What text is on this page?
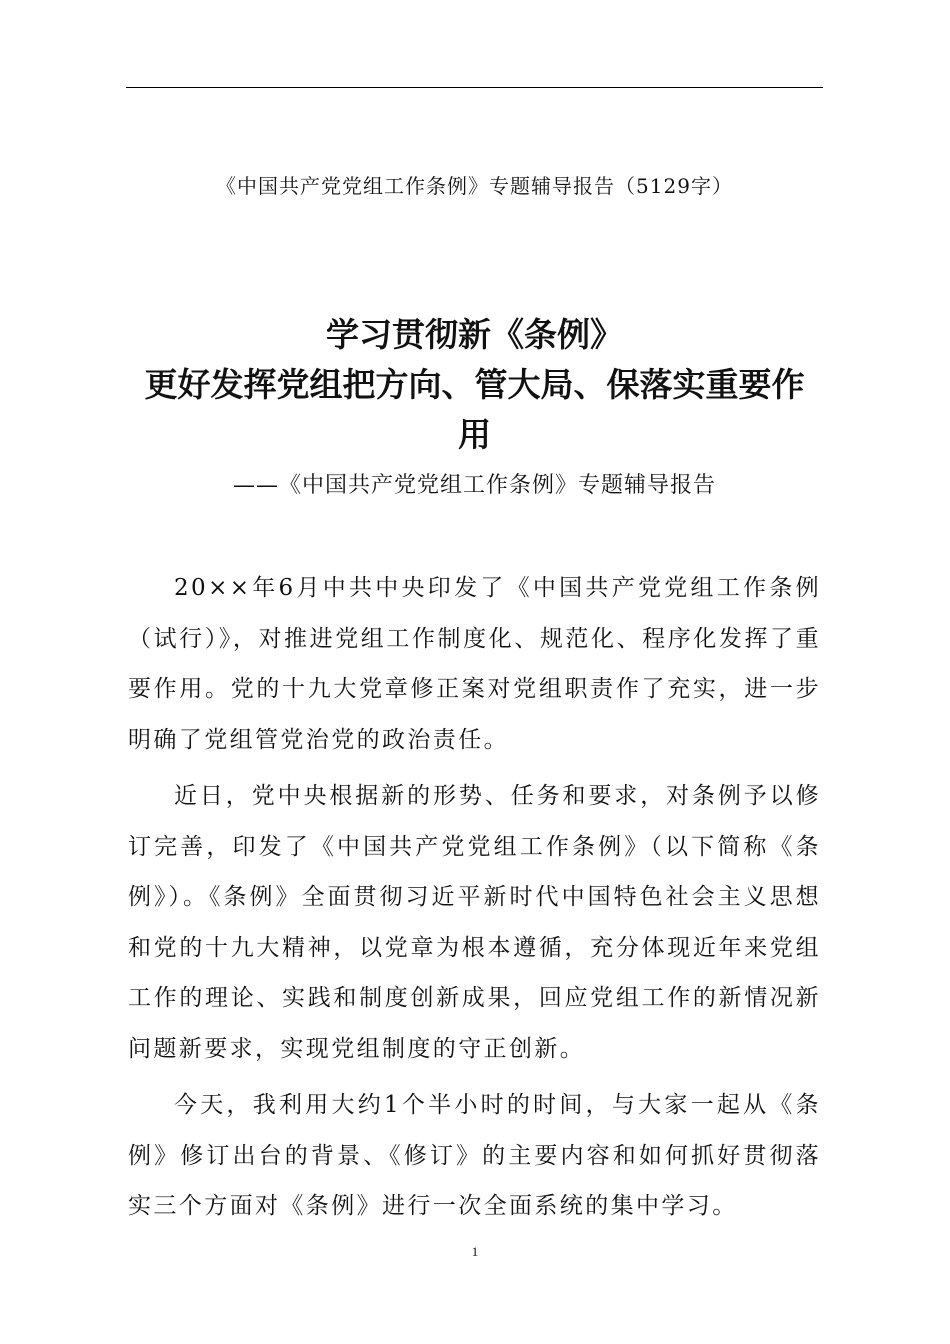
《中国共产党党组工作条例》专题辅导报告（5129字）
学习贯彻新《条例》
更好发挥党组把方向、管大局、保落实重要作
用
——《中国共产党党组工作条例》专题辅导报告

20××年6月中共中央印发了《中国共产党党组工作条例（试行）》，对推进党组工作制度化、规范化、程序化发挥了重要作用。党的十九大党章修正案对党组职责作了充实，进一步明确了党组管党治党的政治责任。

近日，党中央根据新的形势、任务和要求，对条例予以修订完善，印发了《中国共产党党组工作条例》（以下简称《条例》）。《条例》全面贯彻习近平新时代中国特色社会主义思想和党的十九大精神，以党章为根本遵循，充分体现近年来党组工作的理论、实践和制度创新成果，回应党组工作的新情况新问题新要求，实现党组制度的守正创新。

今天，我利用大约1个半小时的时间，与大家一起从《条例》修订出台的背景、《修订》的主要内容和如何抓好贯彻落实三个方面对《条例》进行一次全面系统的集中学习。

1
